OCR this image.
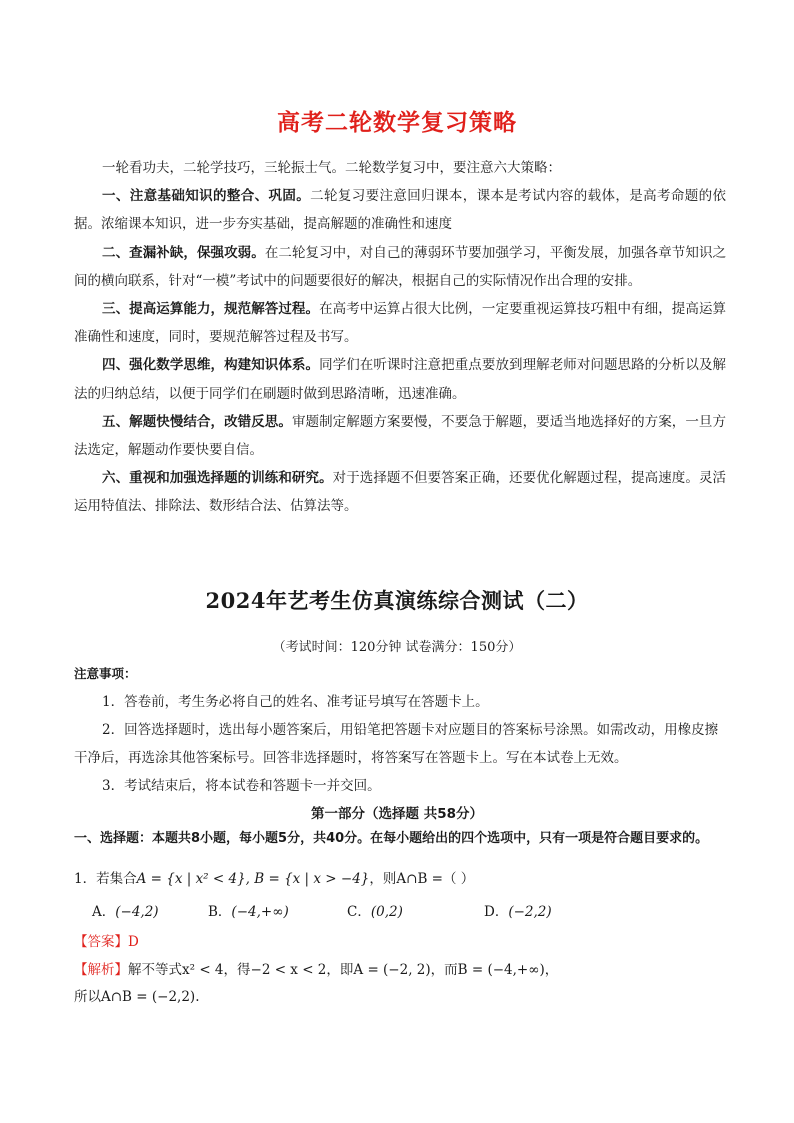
高考二轮数学复习策略

一轮看功夫，二轮学技巧，三轮振士气。二轮数学复习中，要注意六大策略：

一、注意基础知识的整合、巩固。二轮复习要注意回归课本，课本是考试内容的载体，是高考命题的依据。浓缩课本知识，进一步夯实基础，提高解题的准确性和速度

二、查漏补缺，保强攻弱。在二轮复习中，对自己的薄弱环节要加强学习，平衡发展，加强各章节知识之间的横向联系，针对“一模”考试中的问题要很好的解决，根据自己的实际情况作出合理的安排。

三、提高运算能力，规范解答过程。在高考中运算占很大比例，一定要重视运算技巧粗中有细，提高运算准确性和速度，同时，要规范解答过程及书写。

四、强化数学思维，构建知识体系。同学们在听课时注意把重点要放到理解老师对问题思路的分析以及解法的归纳总结，以便于同学们在刷题时做到思路清晰，迅速准确。

五、解题快慢结合，改错反思。审题制定解题方案要慢，不要急于解题，要适当地选择好的方案，一旦方法选定，解题动作要快要自信。

六、重视和加强选择题的训练和研究。对于选择题不但要答案正确，还要优化解题过程，提高速度。灵活运用特值法、排除法、数形结合法、估算法等。

2024年艺考生仿真演练综合测试（二）
（考试时间：120分钟 试卷满分：150分）
注意事项：

1．答卷前，考生务必将自己的姓名、准考证号填写在答题卡上。

2．回答选择题时，选出每小题答案后，用铅笔把答题卡对应题目的答案标号涂黑。如需改动，用橡皮擦干净后，再选涂其他答案标号。回答非选择题时，将答案写在答题卡上。写在本试卷上无效。

3．考试结束后，将本试卷和答题卡一并交回。

第一部分（选择题 共58分）
一、选择题：本题共8小题，每小题5分，共40分。在每小题给出的四个选项中，只有一项是符合题目要求的。
1．若集合A = {x | x² < 4}, B = {x | x > −4}，则A∩B =（ ）
A．(−4,2)	B．(−4,+∞)	C．(0,2)	D．(−2,2)
【答案】D
【解析】解不等式x² < 4，得−2 < x < 2，即A = (−2, 2)，而B = (−4,+∞)，
所以A∩B = (−2,2).
